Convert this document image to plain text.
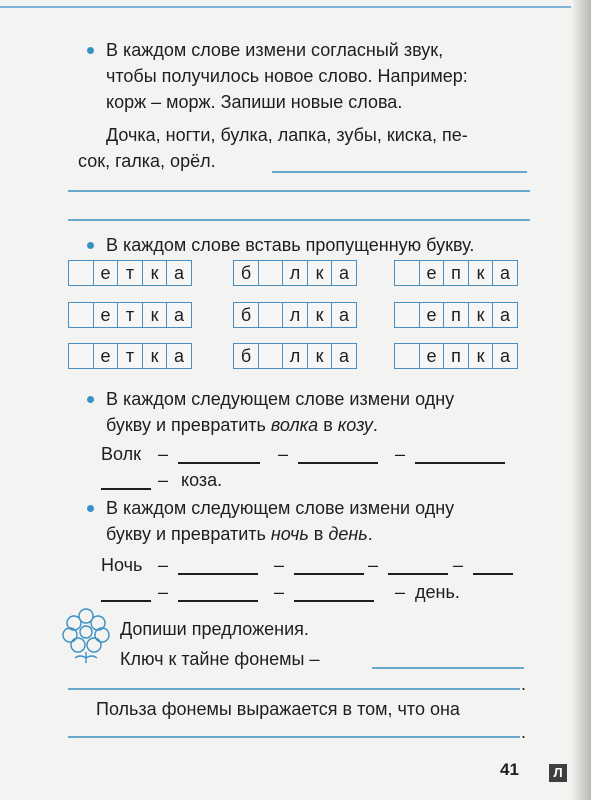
В каждом слове измени согласный звук,
чтобы получилось новое слово. Например:
корж – морж. Запиши новые слова.
Дочка, ногти, булка, лапка, зубы, киска, пе-
сок, галка, орёл.
В каждом слове вставь пропущенную букву.
е т к а	б	л к а	е п к а
е т к а	б	л к а	е п к а
е т к а	б	л к а	е п к а
В каждом следующем слове измени одну
букву и превратить волка в козу.
Волк –	–	–
– коза.
В каждом следующем слове измени одну
букву и превратить ночь в день.
Ночь –	–	–	–
–	–	– день.
Допиши предложения.
Ключ к тайне фонемы –
.
Польза фонемы выражается в том, что она
.
41	Л
